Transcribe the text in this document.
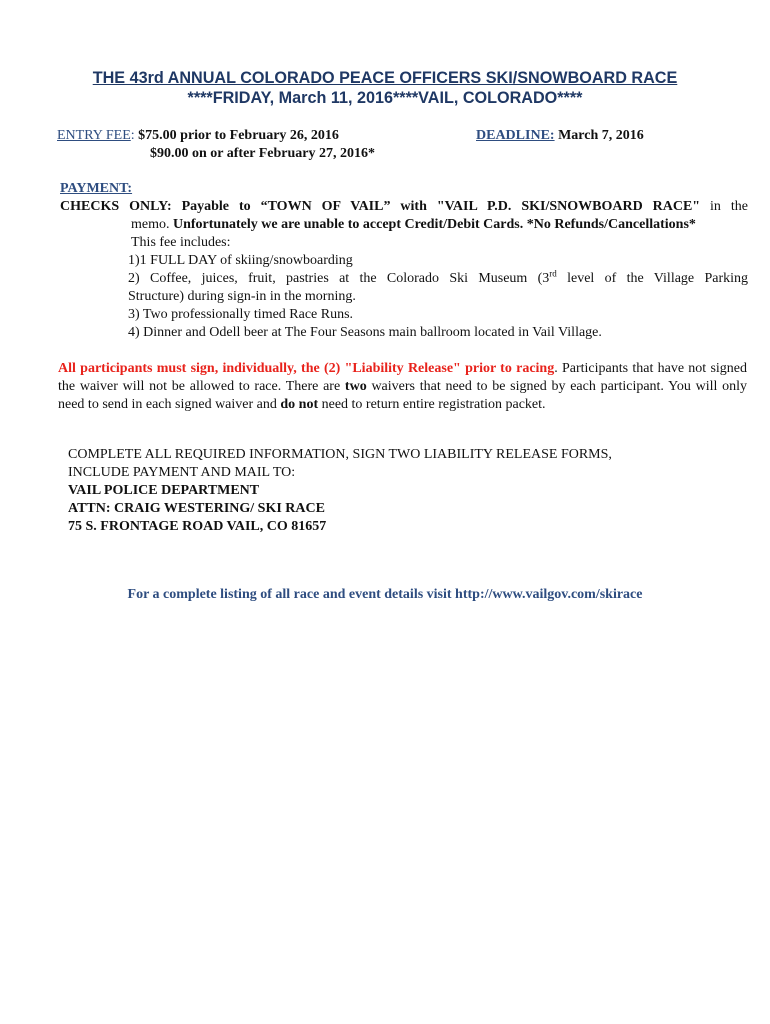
THE 43rd ANNUAL COLORADO PEACE OFFICERS SKI/SNOWBOARD RACE
****FRIDAY, March 11, 2016****VAIL, COLORADO****
ENTRY FEE: $75.00 prior to February 26, 2016
$90.00 on or after February 27, 2016*
DEADLINE: March 7, 2016
PAYMENT:
CHECKS ONLY: Payable to “TOWN OF VAIL” with "VAIL P.D. SKI/SNOWBOARD RACE" in the
memo. Unfortunately we are unable to accept Credit/Debit Cards. *No Refunds/Cancellations*
This fee includes:
1)1 FULL DAY of skiing/snowboarding
2) Coffee, juices, fruit, pastries at the Colorado Ski Museum (3rd level of the Village Parking
Structure) during sign-in in the morning.
3) Two professionally timed Race Runs.
4) Dinner and Odell beer at The Four Seasons main ballroom located in Vail Village.
All participants must sign, individually, the (2) "Liability Release" prior to racing. Participants that have not signed the waiver will not be allowed to race. There are two waivers that need to be signed by each participant. You will only need to send in each signed waiver and do not need to return entire registration packet.
COMPLETE ALL REQUIRED INFORMATION, SIGN TWO LIABILITY RELEASE FORMS,
INCLUDE PAYMENT AND MAIL TO:
VAIL POLICE DEPARTMENT
ATTN: CRAIG WESTERING/ SKI RACE
75 S. FRONTAGE ROAD VAIL, CO 81657
For a complete listing of all race and event details visit http://www.vailgov.com/skirace
